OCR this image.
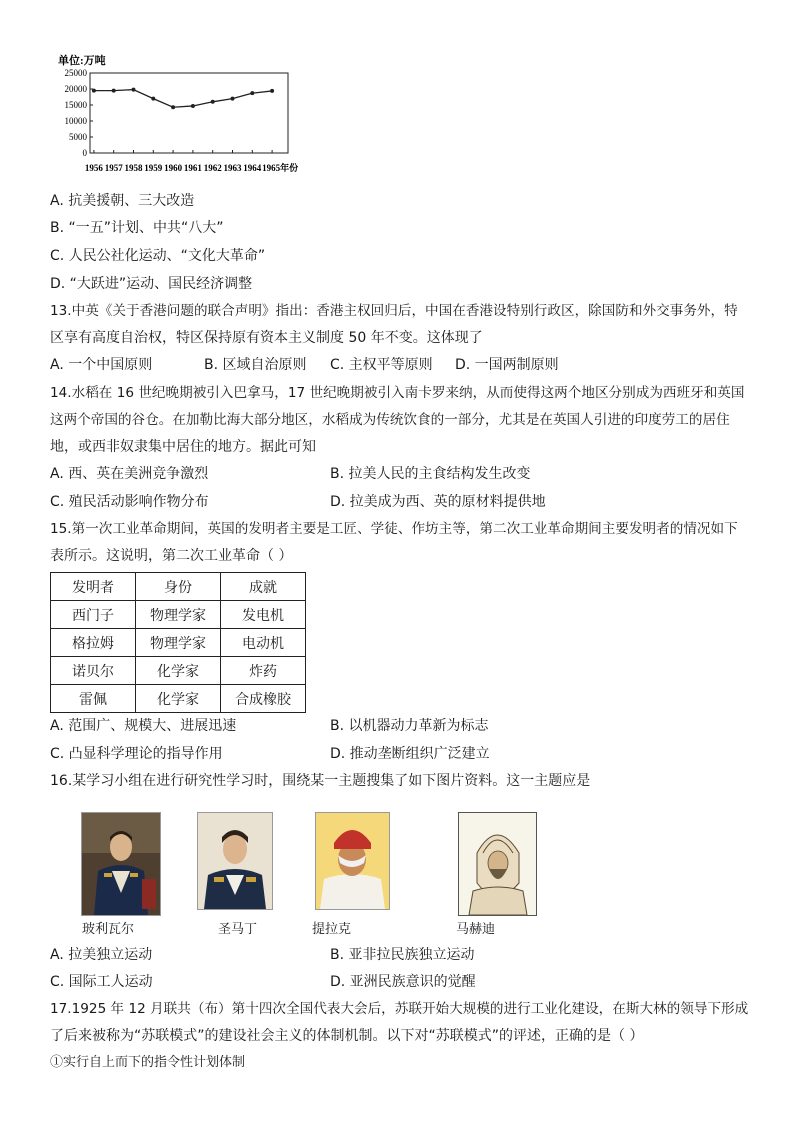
单位:万吨
25000
20000
15000
10000
5000
0
1956 1957 1958 1959 1960 1961 1962 1963 1964 1965年份
A. 抗美援朝、三大改造
B. “一五”计划、中共“八大”
C. 人民公社化运动、“文化大革命”
D. “大跃进”运动、国民经济调整
13.中英《关于香港问题的联合声明》指出：香港主权回归后，中国在香港设特别行政区，除国防和外交事务外，特
区享有高度自治权，特区保持原有资本主义制度 50 年不变。这体现了
A. 一个中国原则	B. 区域自治原则 C. 主权平等原则 D. 一国两制原则
14.水稻在 16 世纪晚期被引入巴拿马，17 世纪晚期被引入南卡罗来纳，从而使得这两个地区分别成为西班牙和英国
这两个帝国的谷仓。在加勒比海大部分地区，水稻成为传统饮食的一部分，尤其是在英国人引进的印度劳工的居住
地，或西非奴隶集中居住的地方。据此可知
A. 西、英在美洲竞争激烈	B. 拉美人民的主食结构发生改变
C. 殖民活动影响作物分布	D. 拉美成为西、英的原材料提供地
15.第一次工业革命期间，英国的发明者主要是工匠、学徒、作坊主等，第二次工业革命期间主要发明者的情况如下
表所示。这说明，第二次工业革命（ ）
发明者	身份	成就
西门子	物理学家	发电机
格拉姆	物理学家	电动机
诺贝尔	化学家	炸药
雷佩	化学家	合成橡胶
A. 范围广、规模大、进展迅速	B. 以机器动力革新为标志
C. 凸显科学理论的指导作用	D. 推动垄断组织广泛建立
16.某学习小组在进行研究性学习时，围绕某一主题搜集了如下图片资料。这一主题应是
玻利瓦尔	圣马丁	提拉克	马赫迪
A. 拉美独立运动	B. 亚非拉民族独立运动
C. 国际工人运动	D. 亚洲民族意识的觉醒
17.1925 年 12 月联共（布）第十四次全国代表大会后，苏联开始大规模的进行工业化建设，在斯大林的领导下形成
了后来被称为“苏联模式”的建设社会主义的体制机制。以下对“苏联模式”的评述，正确的是（ ）
①实行自上而下的指令性计划体制
